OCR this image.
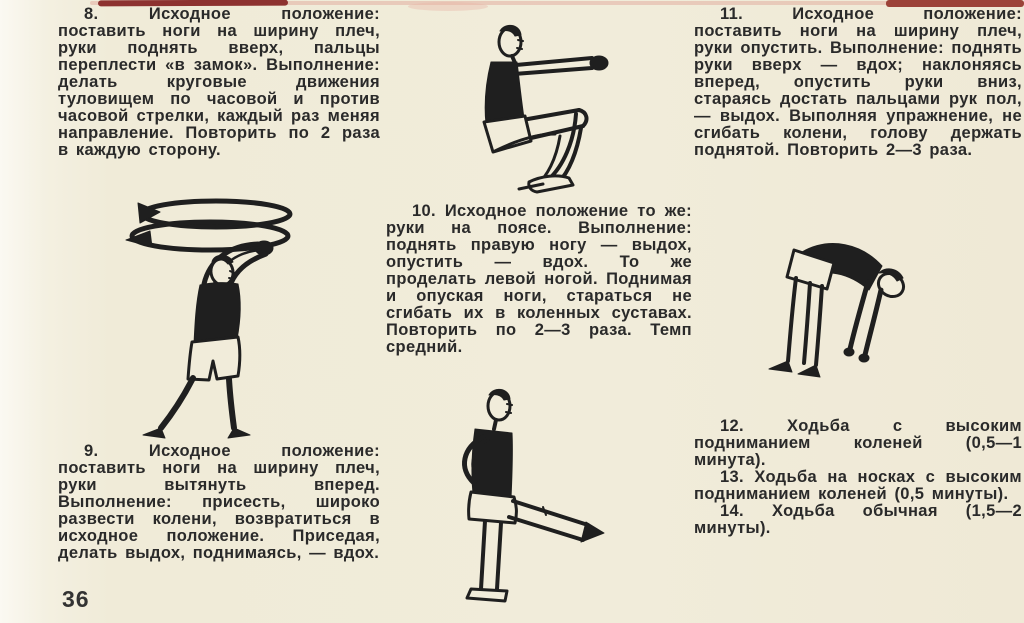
8. Исходное положение: поставить ноги на ширину плеч, руки поднять вверх, пальцы переплести «в замок». Выполнение: делать круговые движения туловищем по часовой и против часовой стрелки, каждый раз меняя направление. Повторить по 2 раза в каждую сторону.
9. Исходное положение: поставить ноги на ширину плеч, руки вытянуть вперед. Выполнение: присесть, широко развести колени, возвратиться в исходное положение. Приседая, делать выдох, поднимаясь, — вдох.
10. Исходное положение то же: руки на поясе. Выполнение: поднять правую ногу — выдох, опустить — вдох. То же проделать левой ногой. Поднимая и опуская ноги, стараться не сгибать их в коленных суставах. Повторить по 2—3 раза. Темп средний.
11. Исходное положение: поставить ноги на ширину плеч, руки опустить. Выполнение: поднять руки вверх — вдох; наклоняясь вперед, опустить руки вниз, стараясь достать пальцами рук пол, — выдох. Выполняя упражнение, не сгибать колени, голову держать поднятой. Повторить 2—3 раза.

12. Ходьба с высоким подниманием коленей (0,5—1 минута).

13. Ходьба на носках с высоким подниманием коленей (0,5 минуты).

14. Ходьба обычная (1,5—2 минуты).

36
